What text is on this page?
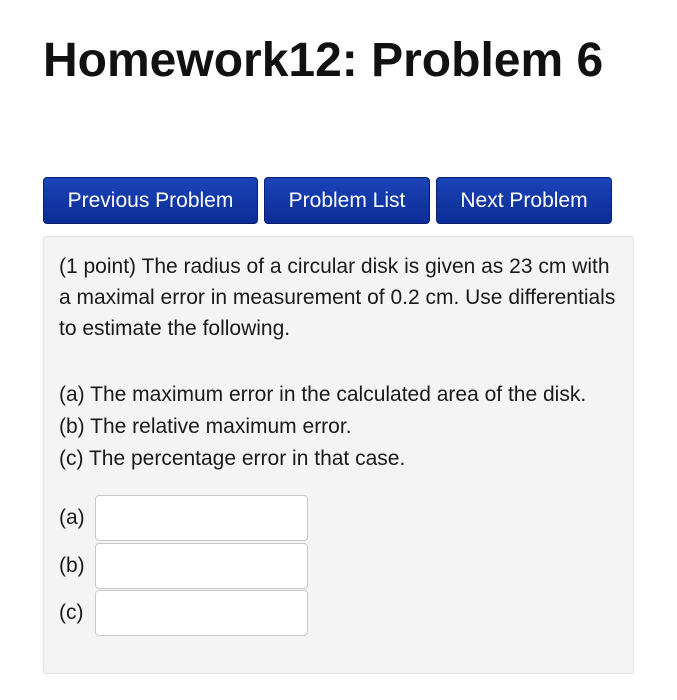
Homework12: Problem 6
Previous Problem	Problem List	Next Problem

(1 point) The radius of a circular disk is given as 23 cm with a maximal error in measurement of 0.2 cm. Use differentials to estimate the following.

(a) The maximum error in the calculated area of the disk.
(b) The relative maximum error.
(c) The percentage error in that case.
(a)
(b)
(c)
